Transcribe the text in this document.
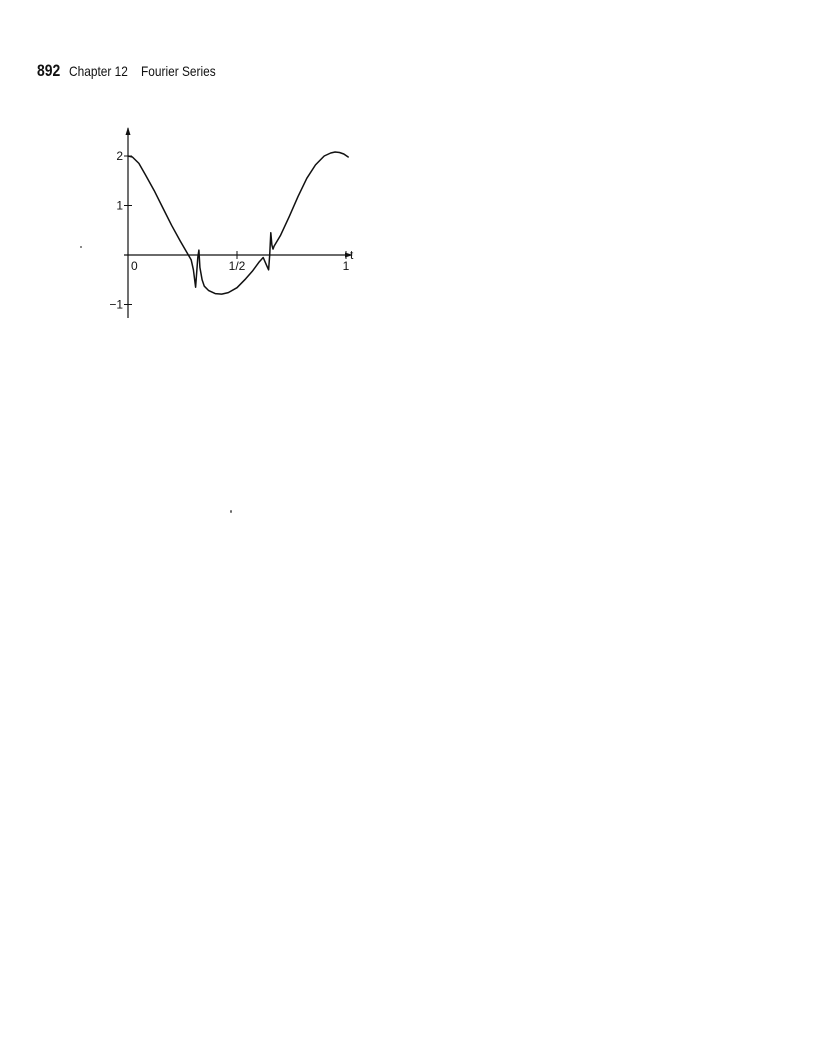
892 Chapter 12 Fourier Series
t
0	1/2	1
2
1
−1
